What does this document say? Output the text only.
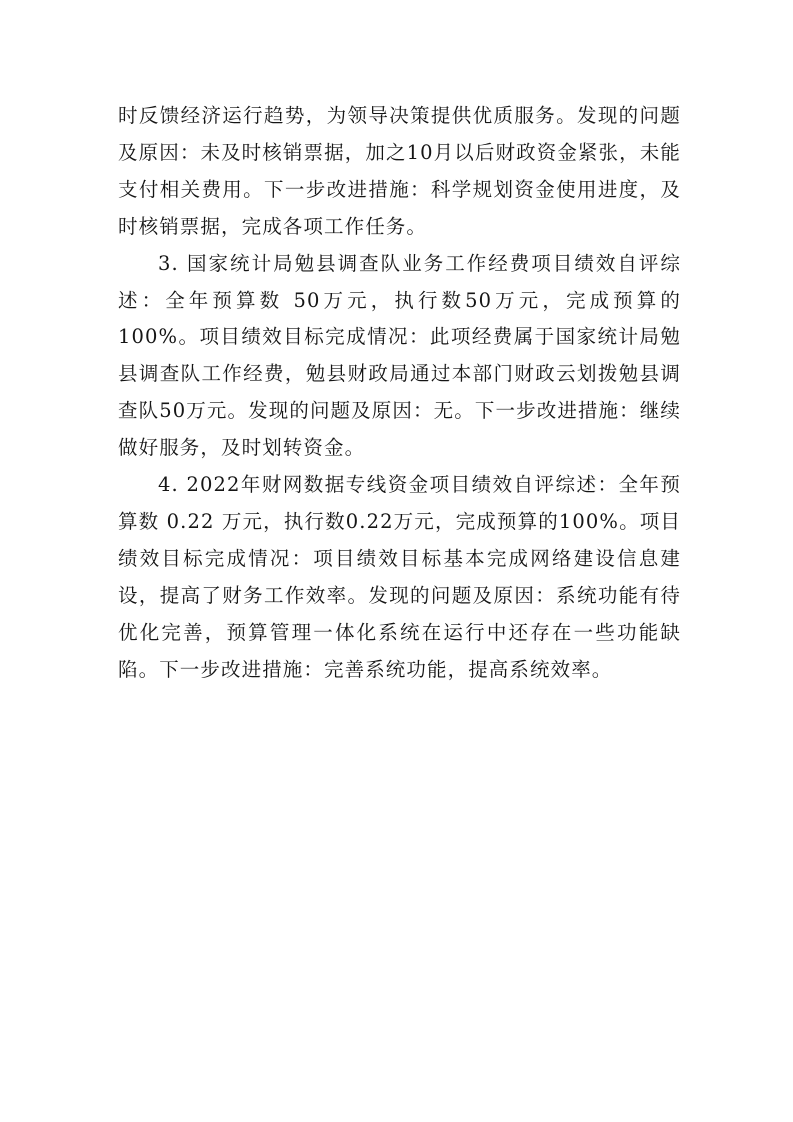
时反馈经济运行趋势，为领导决策提供优质服务。发现的问题及原因：未及时核销票据，加之10月以后财政资金紧张，未能支付相关费用。下一步改进措施：科学规划资金使用进度，及时核销票据，完成各项工作任务。

3. 国家统计局勉县调查队业务工作经费项目绩效自评综述：全年预算数 50万元，执行数50万元，完成预算的100%。项目绩效目标完成情况：此项经费属于国家统计局勉县调查队工作经费，勉县财政局通过本部门财政云划拨勉县调查队50万元。发现的问题及原因：无。下一步改进措施：继续做好服务，及时划转资金。

4. 2022年财网数据专线资金项目绩效自评综述：全年预算数 0.22 万元，执行数0.22万元，完成预算的100%。项目绩效目标完成情况：项目绩效目标基本完成网络建设信息建设，提高了财务工作效率。发现的问题及原因：系统功能有待优化完善，预算管理一体化系统在运行中还存在一些功能缺陷。下一步改进措施：完善系统功能，提高系统效率。
